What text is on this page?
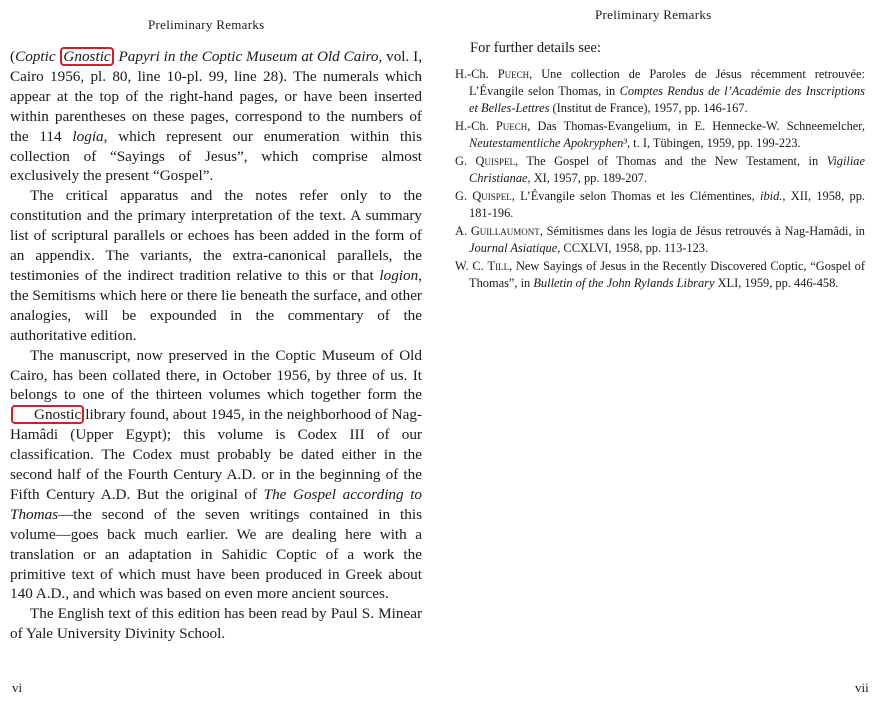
Preliminary Remarks

(Coptic Gnostic Papyri in the Coptic Museum at Old Cairo, vol. I, Cairo 1956, pl. 80, line 10-pl. 99, line 28). The numerals which appear at the top of the right-hand pages, or have been inserted within parentheses on these pages, correspond to the numbers of the 114 logia, which represent our enumeration within this collection of “Sayings of Jesus”, which comprise almost exclusively the present “Gospel”.

The critical apparatus and the notes refer only to the constitution and the primary interpretation of the text. A summary list of scriptural parallels or echoes has been added in the form of an appendix. The variants, the extra-canonical parallels, the testimonies of the indirect tradition relative to this or that logion, the Semitisms which here or there lie beneath the surface, and other analogies, will be expounded in the commentary of the authoritative edition.

The manuscript, now preserved in the Coptic Museum of Old Cairo, has been collated there, in October 1956, by three of us. It belongs to one of the thirteen volumes which together form theGnostic library found, about 1945, in the neighborhood of Nag-Hamâdi (Upper Egypt); this volume is Codex III of our classification. The Codex must probably be dated either in the second half of the Fourth Century A.D. or in the beginning of the Fifth Century A.D. But the original of The Gospel according to Thomas—the second of the seven writings contained in this volume—goes back much earlier. We are dealing here with a translation or an adaptation in Sahidic Coptic of a work the primitive text of which must have been produced in Greek about 140 A.D., and which was based on even more ancient sources.

The English text of this edition has been read by Paul S. Minear of Yale University Divinity School.

vi
Preliminary Remarks
For further details see:
H.-Ch. Puech, Une collection de Paroles de Jésus récemment retrouvée: L’Évangile selon Thomas, in Comptes Rendus de l’Académie des Inscriptions et Belles-Lettres (Institut de France), 1957, pp. 146-167.
H.-Ch. Puech, Das Thomas-Evangelium, in E. Hennecke-W. Schneemelcher, Neutestamentliche Apokryphen³, t. I, Tübingen, 1959, pp. 199-223.
G. Quispel, The Gospel of Thomas and the New Testament, in Vigiliae Christianae, XI, 1957, pp. 189-207.
G. Quispel, L’Évangile selon Thomas et les Clémentines, ibid., XII, 1958, pp. 181-196.
A. Guillaumont, Sémitismes dans les logia de Jésus retrouvés à Nag-Hamâdi, in Journal Asiatique, CCXLVI, 1958, pp. 113-123.
W. C. Till, New Sayings of Jesus in the Recently Discovered Coptic, “Gospel of Thomas”, in Bulletin of the John Rylands Library XLI, 1959, pp. 446-458.
vii
